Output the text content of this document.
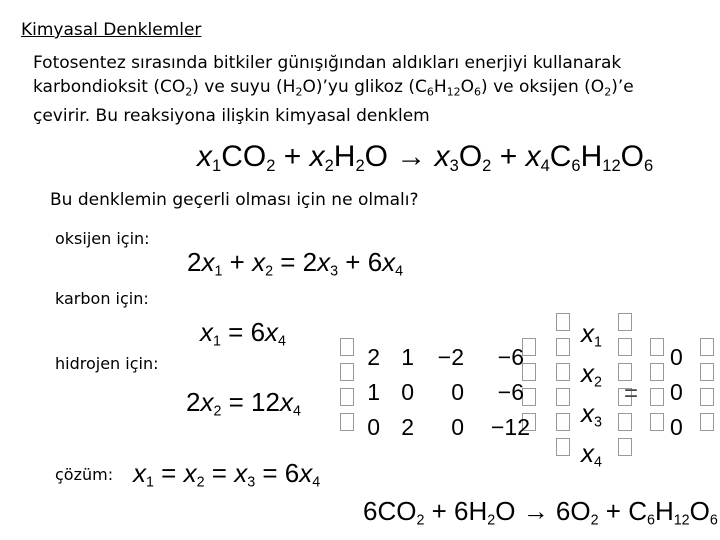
Kimyasal Denklemler
Fotosentez sırasında bitkiler günışığından aldıkları enerjiyi kullanarak
karbondioksit $(CO_2)$ ve suyu $(H_2O)’yu$ glikoz $(C_6H_{12}O_6)$ ve oksijen $(O_2)’e$
çevirir. Bu reaksiyona ilişkin kimyasal denklem
$x_1CO_2 + x_2H_2O \to x_3O_2 + x_4C_6H_{12}O_6$
Bu denklemin geçerli olması için ne olmalı?
oksijen için:
$2x_1 + x_2 = 2x_3 + 6x_4$
karbon için:
$x_1 = 6x_4$
hidrojen için:
$2x_2 = 12x_4$
çözüm: $x_1 = x_2 = x_3 = 6x_4$
$6CO_2 + 6H_2O \to 6O_2 + C_6H_{12}O_6$
2 1	−2	−6
1 0	0	−6
0 2	0	−12
$x_1$
$x_2$
$x_3$
$x_4$
=
0
0
0
